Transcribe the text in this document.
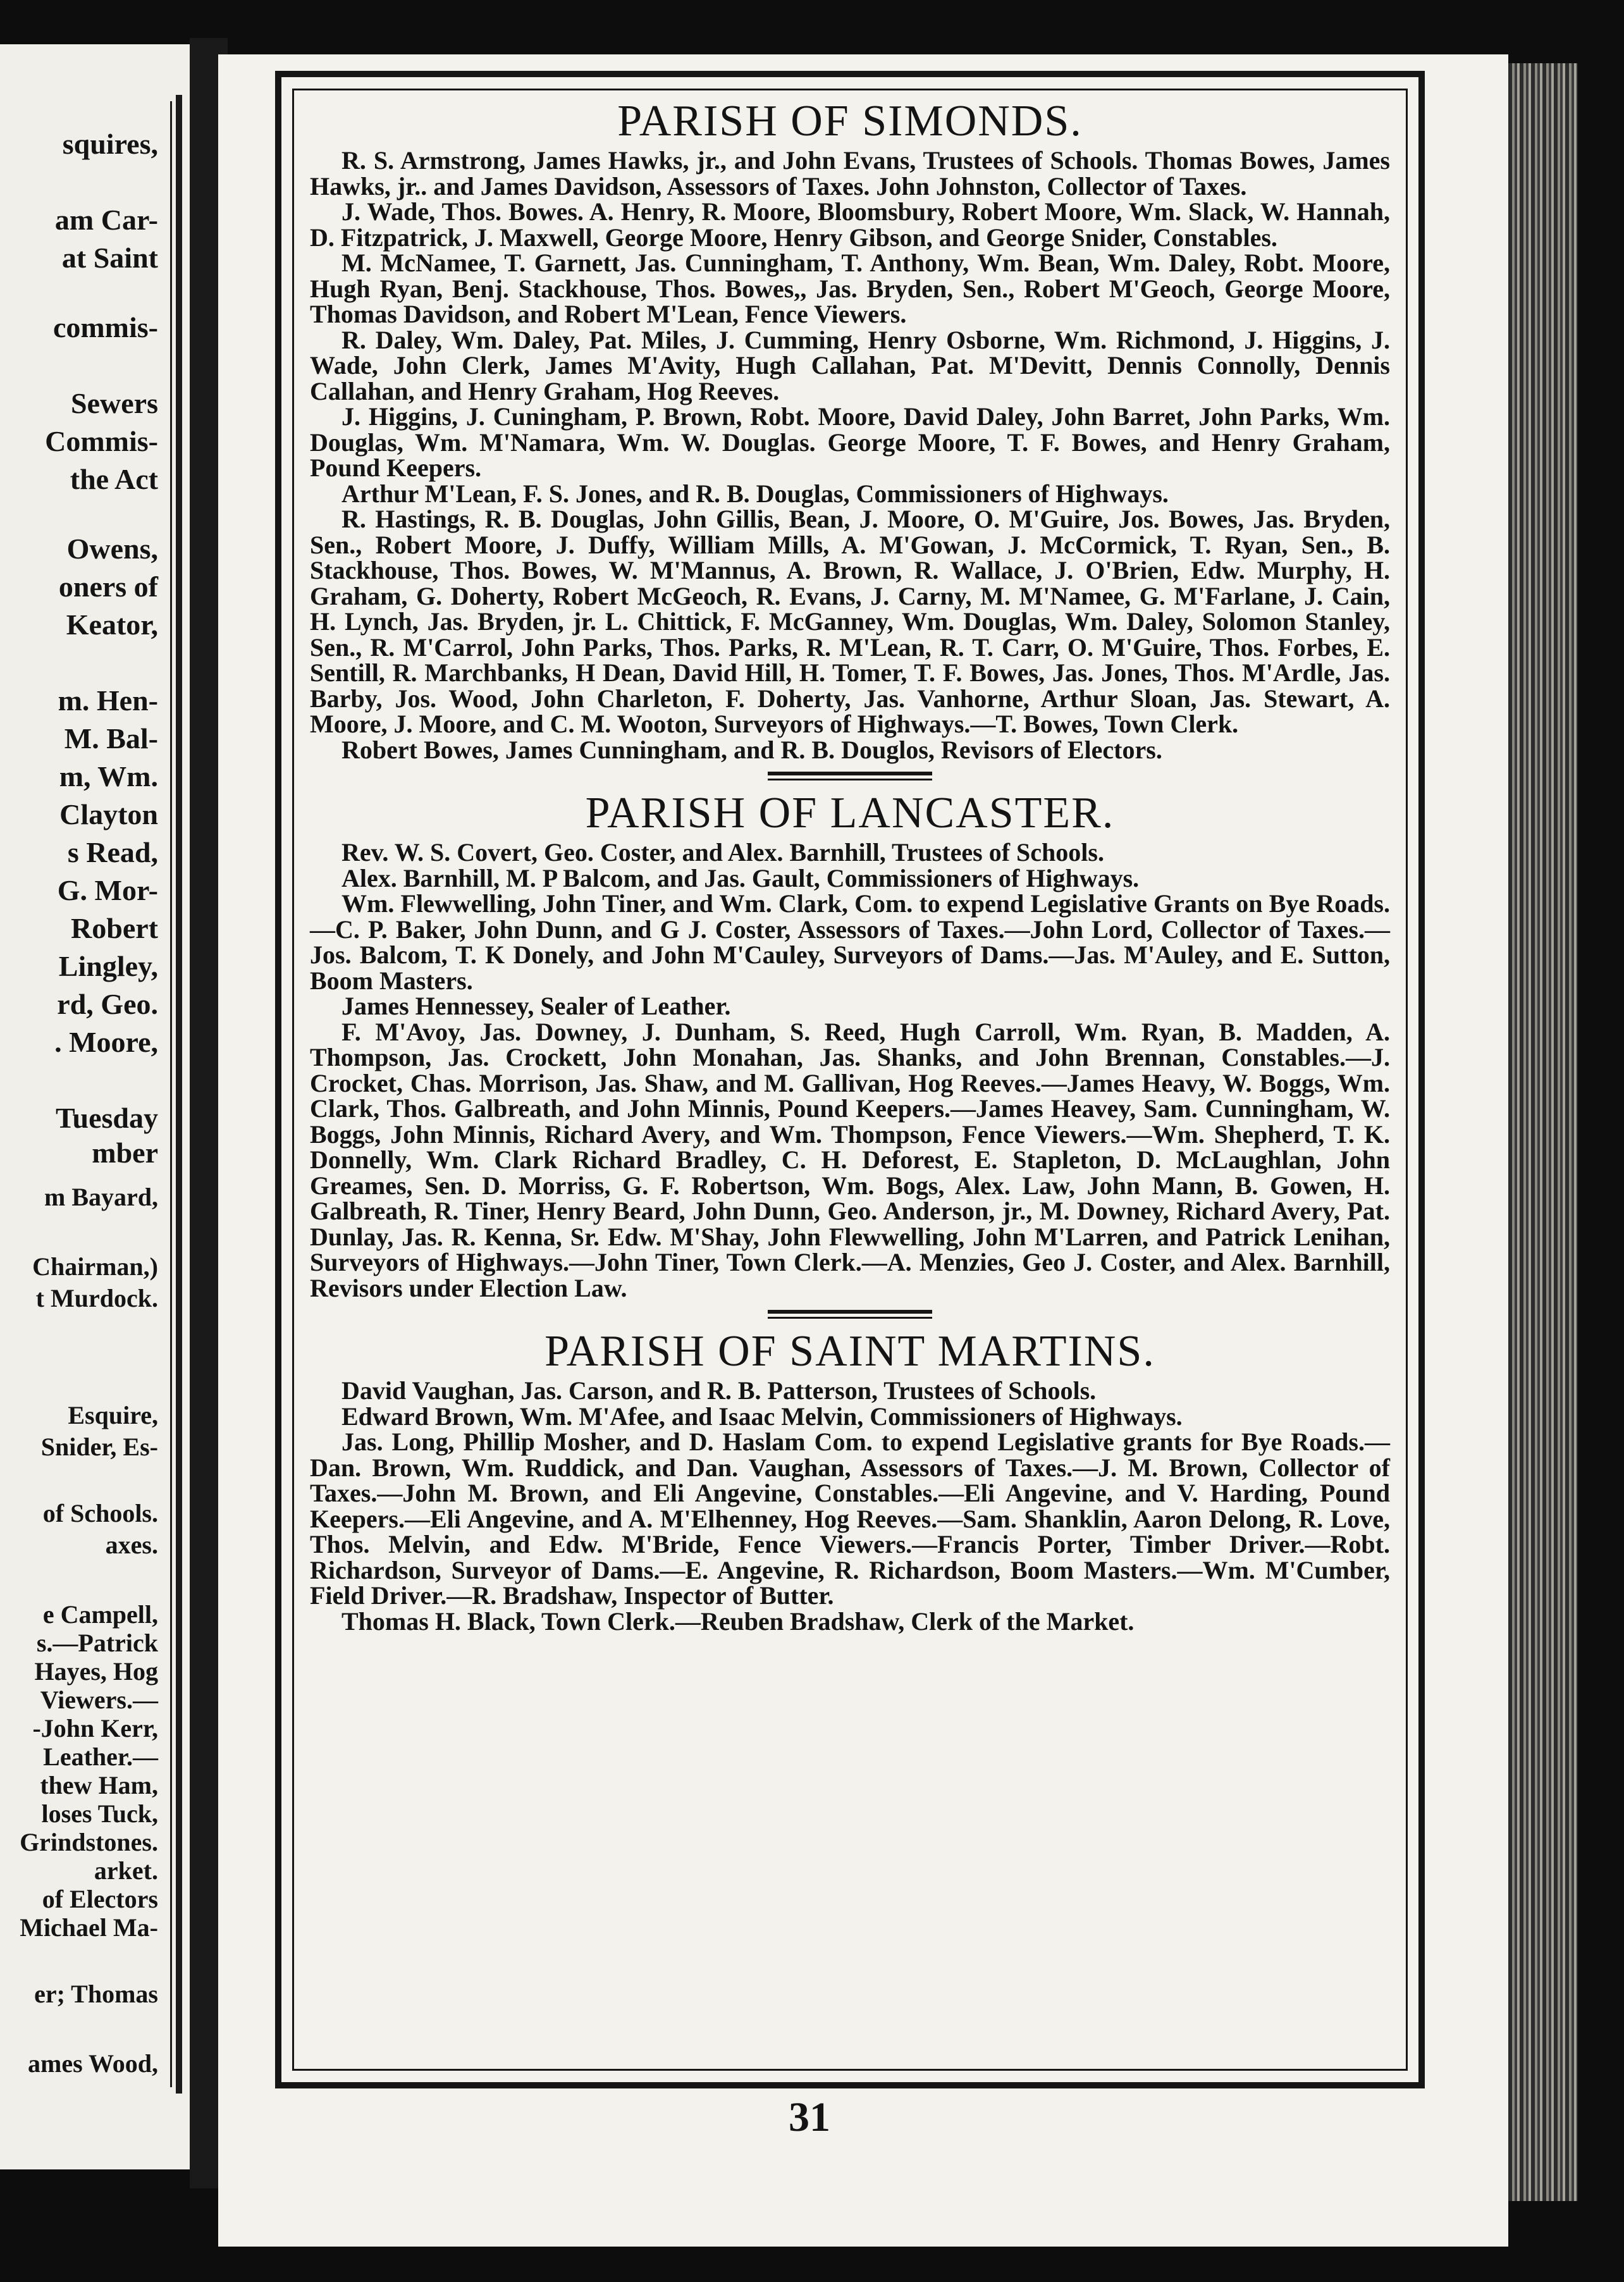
squires,
am Car-
at Saint
commis-
Sewers
Commis-
the Act
Owens,
oners of
Keator,
m. Hen-
M. Bal-
m, Wm.
Clayton
s Read,
G. Mor-
Robert
Lingley,
rd, Geo.
. Moore,
Tuesday
mber
m Bayard,
Chairman,)
t Murdock.
Esquire,
Snider, Es-
of Schools.
axes.
e Campell,
s.—Patrick
Hayes, Hog
Viewers.—
-John Kerr,
Leather.—
thew Ham,
loses Tuck,
Grindstones.
arket.
of Electors
Michael Ma-
er; Thomas
ames Wood,
PARISH OF SIMONDS.

R. S. Armstrong, James Hawks, jr., and John Evans, Trustees of Schools. Thomas Bowes, James Hawks, jr.. and James Davidson, Assessors of Taxes. John Johnston, Collector of Taxes.

J. Wade, Thos. Bowes. A. Henry, R. Moore, Bloomsbury, Robert Moore, Wm. Slack, W. Hannah, D. Fitzpatrick, J. Maxwell, George Moore, Henry Gibson, and George Snider, Constables.

M. McNamee, T. Garnett, Jas. Cunningham, T. Anthony, Wm. Bean, Wm. Daley, Robt. Moore, Hugh Ryan, Benj. Stackhouse, Thos. Bowes,, Jas. Bryden, Sen., Robert M'Geoch, George Moore, Thomas Davidson, and Robert M'Lean, Fence Viewers.

R. Daley, Wm. Daley, Pat. Miles, J. Cumming, Henry Osborne, Wm. Richmond, J. Higgins, J. Wade, John Clerk, James M'Avity, Hugh Callahan, Pat. M'Devitt, Dennis Connolly, Dennis Callahan, and Henry Graham, Hog Reeves.

J. Higgins, J. Cuningham, P. Brown, Robt. Moore, David Daley, John Barret, John Parks, Wm. Douglas, Wm. M'Namara, Wm. W. Douglas. George Moore, T. F. Bowes, and Henry Graham, Pound Keepers.

Arthur M'Lean, F. S. Jones, and R. B. Douglas, Commissioners of Highways.

R. Hastings, R. B. Douglas, John Gillis, Bean, J. Moore, O. M'Guire, Jos. Bowes, Jas. Bryden, Sen., Robert Moore, J. Duffy, William Mills, A. M'Gowan, J. McCormick, T. Ryan, Sen., B. Stackhouse, Thos. Bowes, W. M'Mannus, A. Brown, R. Wallace, J. O'Brien, Edw. Murphy, H. Graham, G. Doherty, Robert McGeoch, R. Evans, J. Carny, M. M'Namee, G. M'Farlane, J. Cain, H. Lynch, Jas. Bryden, jr. L. Chittick, F. McGanney, Wm. Douglas, Wm. Daley, Solomon Stanley, Sen., R. M'Carrol, John Parks, Thos. Parks, R. M'Lean, R. T. Carr, O. M'Guire, Thos. Forbes, E. Sentill, R. Marchbanks, H Dean, David Hill, H. Tomer, T. F. Bowes, Jas. Jones, Thos. M'Ardle, Jas. Barby, Jos. Wood, John Charleton, F. Doherty, Jas. Vanhorne, Arthur Sloan, Jas. Stewart, A. Moore, J. Moore, and C. M. Wooton, Surveyors of Highways.—T. Bowes, Town Clerk.

Robert Bowes, James Cunningham, and R. B. Douglos, Revisors of Electors.

PARISH OF LANCASTER.

Rev. W. S. Covert, Geo. Coster, and Alex. Barnhill, Trustees of Schools.

Alex. Barnhill, M. P Balcom, and Jas. Gault, Commissioners of Highways.

Wm. Flewwelling, John Tiner, and Wm. Clark, Com. to expend Legislative Grants on Bye Roads.—C. P. Baker, John Dunn, and G J. Coster, Assessors of Taxes.—John Lord, Collector of Taxes.—Jos. Balcom, T. K Donely, and John M'Cauley, Surveyors of Dams.—Jas. M'Auley, and E. Sutton, Boom Masters.

James Hennessey, Sealer of Leather.

F. M'Avoy, Jas. Downey, J. Dunham, S. Reed, Hugh Carroll, Wm. Ryan, B. Madden, A. Thompson, Jas. Crockett, John Monahan, Jas. Shanks, and John Brennan, Constables.—J. Crocket, Chas. Morrison, Jas. Shaw, and M. Gallivan, Hog Reeves.—James Heavy, W. Boggs, Wm. Clark, Thos. Galbreath, and John Minnis, Pound Keepers.—James Heavey, Sam. Cunningham, W. Boggs, John Minnis, Richard Avery, and Wm. Thompson, Fence Viewers.—Wm. Shepherd, T. K. Donnelly, Wm. Clark Richard Bradley, C. H. Deforest, E. Stapleton, D. McLaughlan, John Greames, Sen. D. Morriss, G. F. Robertson, Wm. Bogs, Alex. Law, John Mann, B. Gowen, H. Galbreath, R. Tiner, Henry Beard, John Dunn, Geo. Anderson, jr., M. Downey, Richard Avery, Pat. Dunlay, Jas. R. Kenna, Sr. Edw. M'Shay, John Flewwelling, John M'Larren, and Patrick Lenihan, Surveyors of Highways.—John Tiner, Town Clerk.—A. Menzies, Geo J. Coster, and Alex. Barnhill, Revisors under Election Law.

PARISH OF SAINT MARTINS.

David Vaughan, Jas. Carson, and R. B. Patterson, Trustees of Schools.

Edward Brown, Wm. M'Afee, and Isaac Melvin, Commissioners of Highways.

Jas. Long, Phillip Mosher, and D. Haslam Com. to expend Legislative grants for Bye Roads.—Dan. Brown, Wm. Ruddick, and Dan. Vaughan, Assessors of Taxes.—J. M. Brown, Collector of Taxes.—John M. Brown, and Eli Angevine, Constables.—Eli Angevine, and V. Harding, Pound Keepers.—Eli Angevine, and A. M'Elhenney, Hog Reeves.—Sam. Shanklin, Aaron Delong, R. Love, Thos. Melvin, and Edw. M'Bride, Fence Viewers.—Francis Porter, Timber Driver.—Robt. Richardson, Surveyor of Dams.—E. Angevine, R. Richardson, Boom Masters.—Wm. M'Cumber, Field Driver.—R. Bradshaw, Inspector of Butter.

Thomas H. Black, Town Clerk.—Reuben Bradshaw, Clerk of the Market.

31
